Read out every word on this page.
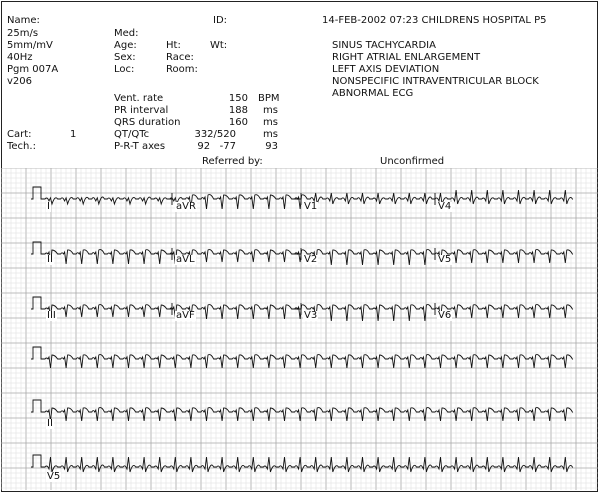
Name:	ID:	14-FEB-2002 07:23 CHILDRENS HOSPITAL P5
25m/s	Med:
5mm/mV	Age:	Ht:	Wt:
40Hz	Sex:	Race:
Pgm 007A	Loc:	Room:
v206
SINUS TACHYCARDIA
RIGHT ATRIAL ENLARGEMENT
LEFT AXIS DEVIATION
NONSPECIFIC INTRAVENTRICULAR BLOCK
ABNORMAL ECG
Vent. rate	150 BPM
PR interval	188	ms
QRS duration	160	ms
Cart:	1	QT/QTc	332/520	ms
Tech.:	P-R-T axes	92   -77	93
Referred by:	Unconfirmed
I	aVR	V1	V4
II	aVL	V2	V5
III	aVF	V3	V6
II
V5
